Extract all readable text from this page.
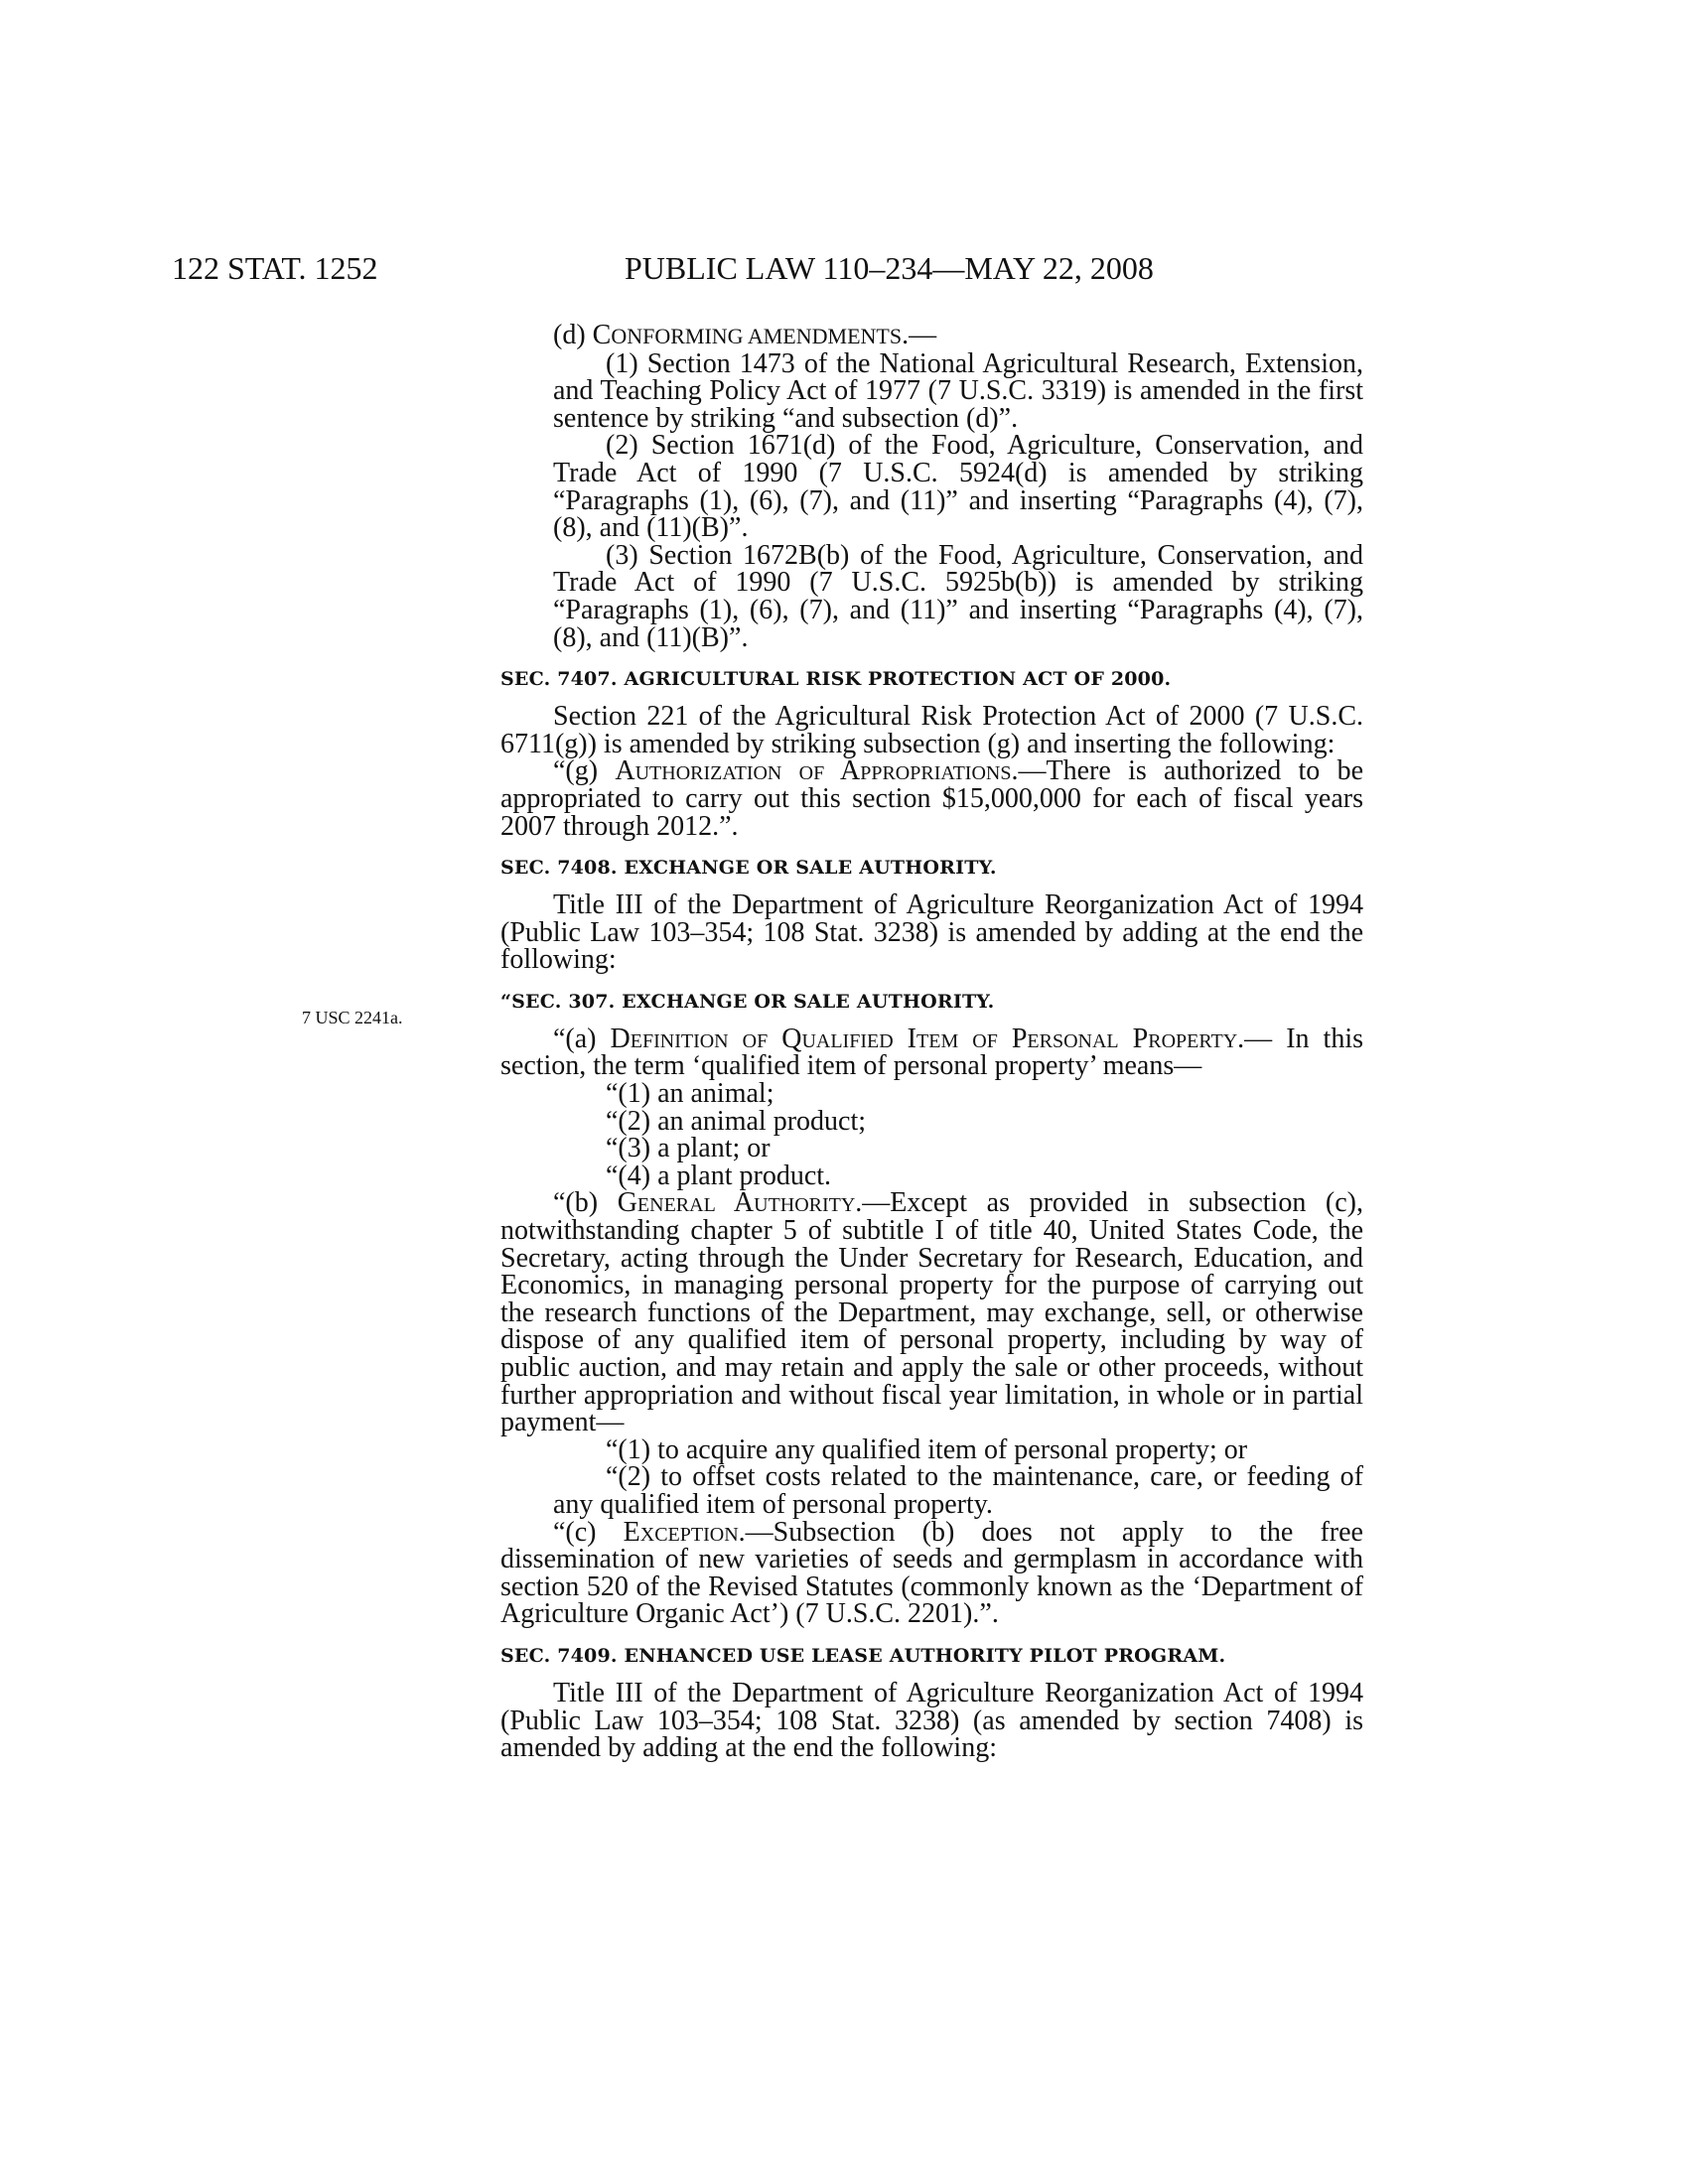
122 STAT. 1252	PUBLIC LAW 110–234—MAY 22, 2008
7 USC 2241a.

(d) CONFORMING AMENDMENTS.—

(1) Section 1473 of the National Agricultural Research, Extension, and Teaching Policy Act of 1977 (7 U.S.C. 3319) is amended in the first sentence by striking “and subsection (d)”.

(2) Section 1671(d) of the Food, Agriculture, Conservation, and Trade Act of 1990 (7 U.S.C. 5924(d) is amended by striking “Paragraphs (1), (6), (7), and (11)” and inserting “Paragraphs (4), (7), (8), and (11)(B)”.

(3) Section 1672B(b) of the Food, Agriculture, Conservation, and Trade Act of 1990 (7 U.S.C. 5925b(b)) is amended by striking “Paragraphs (1), (6), (7), and (11)” and inserting “Paragraphs (4), (7), (8), and (11)(B)”.

SEC. 7407. AGRICULTURAL RISK PROTECTION ACT OF 2000.

Section 221 of the Agricultural Risk Protection Act of 2000 (7 U.S.C. 6711(g)) is amended by striking subsection (g) and inserting the following:

“(g) Authorization of Appropriations.—There is authorized to be appropriated to carry out this section $15,000,000 for each of fiscal years 2007 through 2012.”.

SEC. 7408. EXCHANGE OR SALE AUTHORITY.

Title III of the Department of Agriculture Reorganization Act of 1994 (Public Law 103–354; 108 Stat. 3238) is amended by adding at the end the following:

“SEC. 307. EXCHANGE OR SALE AUTHORITY.

“(a) Definition of Qualified Item of Personal Property.— In this section, the term ‘qualified item of personal property’ means—

“(1) an animal;

“(2) an animal product;

“(3) a plant; or

“(4) a plant product.

“(b) General Authority.—Except as provided in subsection (c), notwithstanding chapter 5 of subtitle I of title 40, United States Code, the Secretary, acting through the Under Secretary for Research, Education, and Economics, in managing personal property for the purpose of carrying out the research functions of the Department, may exchange, sell, or otherwise dispose of any qualified item of personal property, including by way of public auction, and may retain and apply the sale or other proceeds, without further appropriation and without fiscal year limitation, in whole or in partial payment—

“(1) to acquire any qualified item of personal property; or

“(2) to offset costs related to the maintenance, care, or feeding of any qualified item of personal property.

“(c) Exception.—Subsection (b) does not apply to the free dissemination of new varieties of seeds and germplasm in accordance with section 520 of the Revised Statutes (commonly known as the ‘Department of Agriculture Organic Act’) (7 U.S.C. 2201).”.

SEC. 7409. ENHANCED USE LEASE AUTHORITY PILOT PROGRAM.

Title III of the Department of Agriculture Reorganization Act of 1994 (Public Law 103–354; 108 Stat. 3238) (as amended by section 7408) is amended by adding at the end the following:
